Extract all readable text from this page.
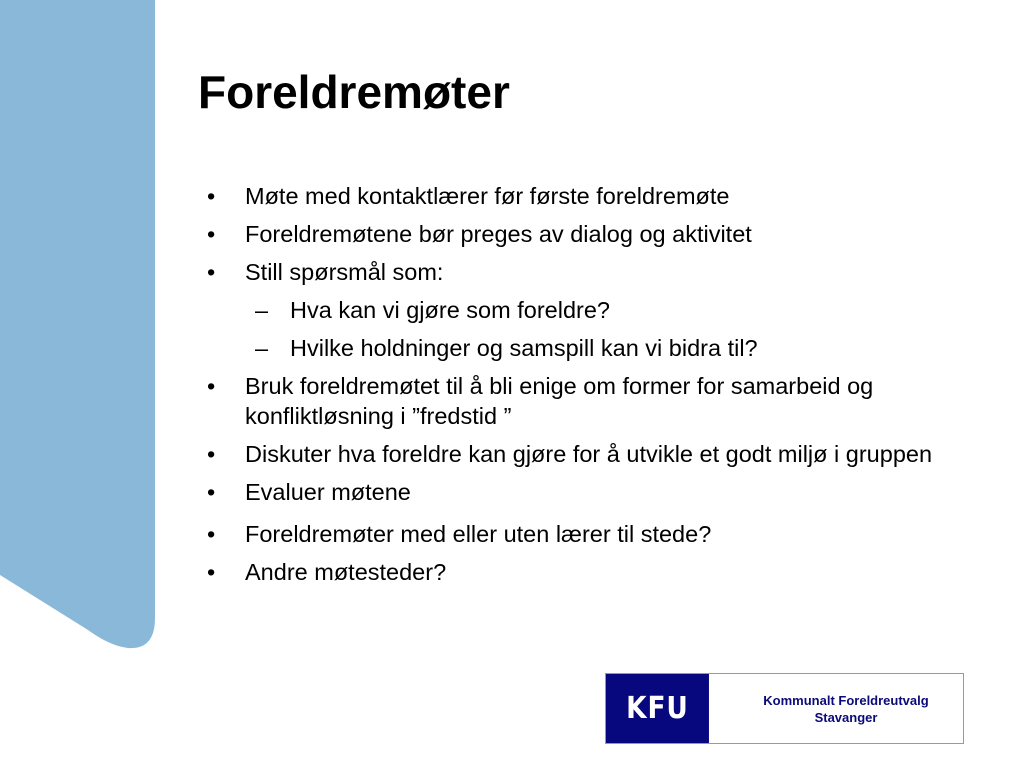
Foreldremøter
• Møte med kontaktlærer før første foreldremøte
• Foreldremøtene bør preges av dialog og aktivitet
• Still spørsmål som:
– Hva kan vi gjøre som foreldre?
– Hvilke holdninger og samspill kan vi bidra til?
• Bruk foreldremøtet til å bli enige om former for samarbeid og konfliktløsning i ”fredstid ”
• Diskuter hva foreldre kan gjøre for å utvikle et godt miljø i gruppen
• Evaluer møtene
• Foreldremøter med eller uten lærer til stede?
• Andre møtesteder?
KFU	Kommunalt Foreldreutvalg
Stavanger
